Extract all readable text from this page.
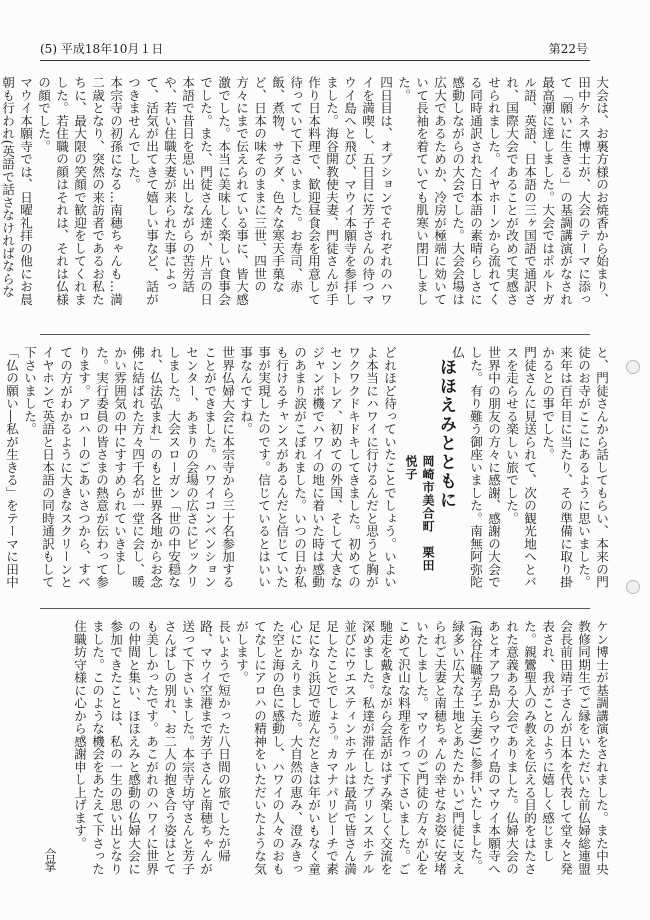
(5) 平成18年10月１日	第22号

大会は、お裏方様のお焼香から始まり、田中ケネス博士が、大会のテーマに添って「願いに生きる」の基調講演がなされ最高潮に達しました。大会ではポルトガル語、英語、日本語の三ヶ国語で通訳され、国際大会であることが改めて実感させられました。イヤホーンから流れてくる同時通訳された日本語の素晴らしさに感動しながらの大会でした。大会会場は広大であるためか、冷房が極端に効いていて長袖を着ていても肌寒い閉口しました。

四日目は、オプションでそれぞれのハワイを満喫し、五日目に芳子さんの待つマウイ島へと飛び、マウイ本願寺を参拝しました。海谷開教使夫妻、門徒さんが手作り日本料理で、歓迎昼食会を用意して待っていて下さいました。お寿司、赤飯、煮物、サラダ、色々な寒天手菓など、日本の味そのままに三世、四世の方々にまで伝えられている事に、皆大感激でした。本当に美味しく楽しい食事会でした。また、門徒さん達が、片言の日本語で昔日を思い出しながらの苦労話や、若い住職夫妻が来られた事によって、活気が出てきて嬉しい事など、話がつきませんでした。

本宗寺の初孫になる…南穂ちゃんも…満二歳となり、突然の来訪者であるお私たちに、最大限の笑顔で歓迎をしてくれました。若住職の顔はそれは、それは仏様の顔でした。

マウイ本願寺では、日曜礼拝の他にお晨朝も行われ(英語で話さなければならな

と、門徒さんから話してもらい、本来の門徒のお寺がここにあるように思いました。来年は百年目に当たり、その準備に取り掛かるとの事でした。

門徒さんに見送られて、次の観光地へとバスを走らせる楽しい旅でした。

世界中の朋友の方々に感謝、感謝の大会でした。有り難う御座いました。南無阿弥陀仏

ほほえみとともに
岡崎市美合町　栗田　悦子

どれほど待っていたことでしょう。いよいよ本当にハワイに行けるんだと思うと胸がワクワクドキドキしてきました。初めてのセントレア、初めての外国、そして大きなジャンボ機でハワイの地に着いた時は感動のあまり涙がこぼれました。いつの日か私も行けるチャンスがあるんだと信じていた事が実現したのです。信じているとはいい事なんですね。

世界仏婦大会に本宗寺から三十名参加することができました。ハワイコンベンションセンター、あまりの会場の広さにビックリしました。大会スローガン「世の中安穏なれ、仏法弘まれ」のもと世界各地からお念佛に結ばれた方々四千名が一堂に会し、暖かい雰囲気の中にすすめられていきました。実行委員の皆さまの熱意が伝わって参ります。アロハーのごあいさつから、すべての方がわかるように大きなスクリーンとイヤホンで英語と日本語の同時通訳もして下さいました。

「仏の願い―私が生きる」をテーマに田中

ケン博士が基調講演をされました。また中央教修同期生でご縁をいただいた前仏婦総連盟会長前田靖子さんが日本を代表して堂々と発表され、我がことのように嬉しく感じました。親鸞聖人のみ教えを伝える目的をはたされた意義ある大会でありました。仏婦大会のあとオアフ島からマウイ島のマウイ本願寺へ(海谷住職芳子ご夫妻)に参拝いたしました。

緑多い広大な土地とあたたかいご門徒に支えられご夫妻と南穂ちゃんの幸せなお姿に安堵いたしました。マウイのご門徒の方々が心をこめて沢山な料理を作って下さいました。ご馳走を戴きながら会話がはずみ楽しく交流を深めました。私達が滞在したプリンスホテル並びにウエスティンホテルは最高で皆さん満足したことでしょう。カマナパリビーチで素足になり浜辺で遊んだときは年がいもなく童心にかえりました。大自然の恵み、澄みきった空と海の色に感動し、ハワイの人々のおもてなしにアロハの精神をいただいたような気がします。

長いようで短かった八日間の旅でしたが帰路、マウイ空港まで芳子さんと南穂ちゃんが送って下さいました。本宗寺坊守さんと芳子さんばしの別れ、お二人の抱き合う姿はとても美しかったです。あこがれのハワイに世界の仲間と集い、ほほえみと感動の仏婦大会に参加できたことは、私の一生の思い出となりました。このような機会をあたえて下さった住職坊守様に心から感謝申し上げます。

合掌
